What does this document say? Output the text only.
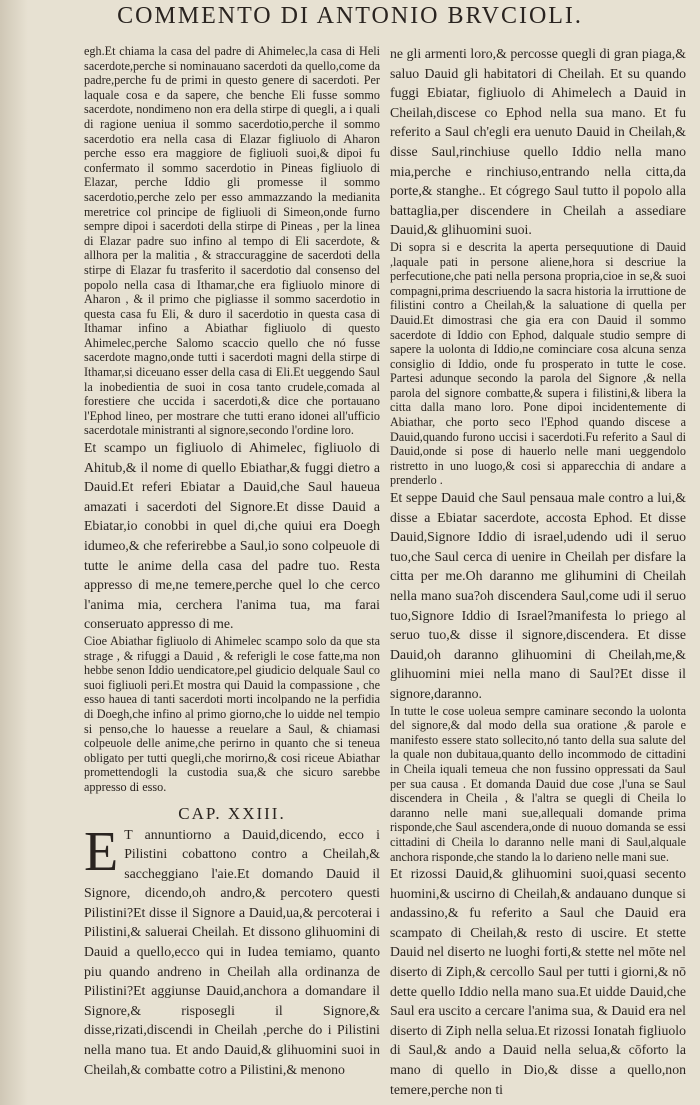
COMMENTO DI ANTONIO BRVCIOLI.

egh.Et chiama la casa del padre di Ahimelec,la casa di Heli sacerdote,perche si nominauano sacerdoti da quello,come da padre,perche fu de primi in questo genere di sacerdoti. Per laquale cosa e da sapere, che benche Eli fusse sommo sacerdote, nondimeno non era della stirpe di quegli, a i quali di ragione ueniua il sommo sacerdotio,perche il sommo sacerdotio era nella casa di Elazar figliuolo di Aharon perche esso era maggiore de figliuoli suoi,& dipoi fu confermato il sommo sacerdotio in Pineas figliuolo di Elazar, perche Iddio gli promesse il sommo sacerdotio,perche zelo per esso ammazzando la medianita meretrice col principe de figliuoli di Simeon,onde furno sempre dipoi i sacerdoti della stirpe di Pineas , per la linea di Elazar padre suo infino al tempo di Eli sacerdote, & allhora per la malitia , & straccuraggine de sacerdoti della stirpe di Elazar fu trasferito il sacerdotio dal consenso del popolo nella casa di Ithamar,che era figliuolo minore di Aharon , & il primo che pigliasse il sommo sacerdotio in questa casa fu Eli, & duro il sacerdotio in questa casa di Ithamar infino a Abiathar figliuolo di questo Ahimelec,perche Salomo scaccio quello che nó fusse sacerdote magno,onde tutti i sacerdoti magni della stirpe di Ithamar,si diceuano esser della casa di Eli.Et ueggendo Saul la inobedientia de suoi in cosa tanto crudele,comada al forestiere che uccida i sacerdoti,& dice che portauano l'Ephod lineo, per mostrare che tutti erano idonei all'ufficio sacerdotale ministranti al signore,secondo l'ordine loro.

Et scampo un figliuolo di Ahimelec, figliuolo di Ahitub,& il nome di quello Ebiathar,& fuggi dietro a Dauid.Et referi Ebiatar a Dauid,che Saul haueua amazati i sacerdoti del Signore.Et disse Dauid a Ebiatar,io conobbi in quel di,che quiui era Doegh idumeo,& che referirebbe a Saul,io sono colpeuole di tutte le anime della casa del padre tuo. Resta appresso di me,ne temere,perche quel lo che cerco l'anima mia, cerchera l'anima tua, ma farai conseruato appresso di me.

Cioe Abiathar figliuolo di Ahimelec scampo solo da que sta strage , & rifuggi a Dauid , & referigli le cose fatte,ma non hebbe senon Iddio uendicatore,pel giudicio delquale Saul co suoi figliuoli peri.Et mostra qui Dauid la compassione , che esso hauea di tanti sacerdoti morti incolpando ne la perfidia di Doegh,che infino al primo giorno,che lo uidde nel tempio si penso,che lo hauesse a reuelare a Saul, & chiamasi colpeuole delle anime,che perirno in quanto che si teneua obligato per tutti quegli,che morirno,& cosi riceue Abiathar promettendogli la custodia sua,& che sicuro sarebbe appresso di esso.

CAP. XXIII.

E T annuntiorno a Dauid,dicendo, ecco i Pilistini cobattono contro a Cheilah,& saccheggiano l'aie.Et domando Dauid il Signore, dicendo,oh andro,& percotero questi Pilistini?Et disse il Signore a Dauid,ua,& percoterai i Pilistini,& saluerai Cheilah. Et dissono glihuomini di Dauid a quello,ecco qui in Iudea temiamo, quanto piu quando andreno in Cheilah alla ordinanza de Pilistini?Et aggiunse Dauid,anchora a domandare il Signore,& risposegli il Signore,& disse,rizati,discendi in Cheilah ,perche do i Pilistini nella mano tua. Et ando Dauid,& glihuomini suoi in Cheilah,& combatte cotro a Pilistini,& menono

ne gli armenti loro,& percosse quegli di gran piaga,& saluo Dauid gli habitatori di Cheilah. Et su quando fuggi Ebiatar, figliuolo di Ahimelech a Dauid in Cheilah,discese co Ephod nella sua mano. Et fu referito a Saul ch'egli era uenuto Dauid in Cheilah,& disse Saul,rinchiuse quello Iddio nella mano mia,perche e rinchiuso,entrando nella citta,da porte,& stanghe.. Et cógrego Saul tutto il popolo alla battaglia,per discendere in Cheilah a assediare Dauid,& glihuomini suoi.

Di sopra si e descrita la aperta persequutione di Dauid ,laquale pati in persone aliene,hora si descriue la perfecutione,che pati nella persona propria,cioe in se,& suoi compagni,prima descriuendo la sacra historia la irruttione de filistini contro a Cheilah,& la saluatione di quella per Dauid.Et dimostrasi che gia era con Dauid il sommo sacerdote di Iddio con Ephod, dalquale studio sempre di sapere la uolonta di Iddio,ne cominciare cosa alcuna senza consiglio di Iddio, onde fu prosperato in tutte le cose. Partesi adunque secondo la parola del Signore ,& nella parola del signore combatte,& supera i filistini,& libera la citta dalla mano loro. Pone dipoi incidentemente di Abiathar, che porto seco l'Ephod quando discese a Dauid,quando furono uccisi i sacerdoti.Fu referito a Saul di Dauid,onde si pose di hauerlo nelle mani ueggendolo ristretto in uno luogo,& cosi si apparecchia di andare a prenderlo .

Et seppe Dauid che Saul pensaua male contro a lui,& disse a Ebiatar sacerdote, accosta Ephod. Et disse Dauid,Signore Iddio di israel,udendo udi il seruo tuo,che Saul cerca di uenire in Cheilah per disfare la citta per me.Oh daranno me glihumini di Cheilah nella mano sua?oh discendera Saul,come udi il seruo tuo,Signore Iddio di Israel?manifesta lo priego al seruo tuo,& disse il signore,discendera. Et disse Dauid,oh daranno glihuomini di Cheilah,me,& glihuomini miei nella mano di Saul?Et disse il signore,daranno.

In tutte le cose uoleua sempre caminare secondo la uolonta del signore,& dal modo della sua oratione ,& parole e manifesto essere stato sollecito,nó tanto della sua salute del la quale non dubitaua,quanto dello incommodo de cittadini in Cheila iquali temeua che non fussino oppressati da Saul per sua causa . Et domanda Dauid due cose ,l'una se Saul discendera in Cheila , & l'altra se quegli di Cheila lo daranno nelle mani sue,allequali domande prima risponde,che Saul ascendera,onde di nuouo domanda se essi cittadini di Cheila lo daranno nelle mani di Saul,alquale anchora risponde,che stando la lo darieno nelle mani sue.

Et rizossi Dauid,& glihuomini suoi,quasi secento huomini,& uscirno di Cheilah,& andauano dunque si andassino,& fu referito a Saul che Dauid era scampato di Cheilah,& resto di uscire. Et stette Dauid nel diserto ne luoghi forti,& stette nel mōte nel diserto di Ziph,& cercollo Saul per tutti i giorni,& nō dette quello Iddio nella mano sua.Et uidde Dauid,che Saul era uscito a cercare l'anima sua, & Dauid era nel diserto di Ziph nella selua.Et rizossi Ionatah figliuolo di Saul,& ando a Dauid nella selua,& cōforto la mano di quello in Dio,& disse a quello,non temere,perche non ti
